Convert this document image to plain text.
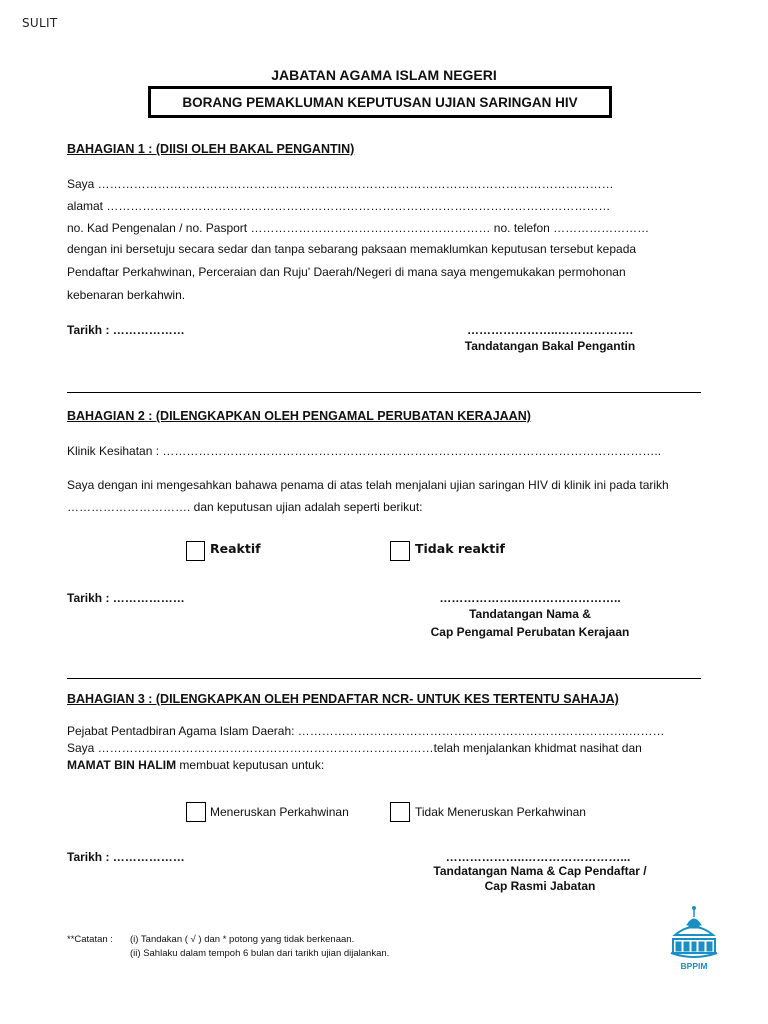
SULIT
JABATAN AGAMA ISLAM NEGERI
BORANG PEMAKLUMAN KEPUTUSAN UJIAN SARINGAN HIV
BAHAGIAN 1 : (DIISI OLEH BAKAL PENGANTIN)
Saya …………………………………………………………………………………………………………………
alamat ………………………………………………………………………………………………………………
no. Kad Pengenalan / no. Pasport …………………………………………………… no. telefon ……………………
dengan ini bersetuju secara sedar dan tanpa sebarang paksaan memaklumkan keputusan tersebut kepada
Pendaftar Perkahwinan, Perceraian dan Ruju' Daerah/Negeri di mana saya mengemukakan permohonan
kebenaran berkahwin.
Tarikh : ………………	…………………..……………….
Tandatangan Bakal Pengantin
BAHAGIAN 2 : (DILENGKAPKAN OLEH PENGAMAL PERUBATAN KERAJAAN)
Klinik Kesihatan : ……………………………………………………………………………………………………………..
Saya dengan ini mengesahkan bahawa penama di atas telah menjalani ujian saringan HIV di klinik ini pada tarikh
…………………………. dan keputusan ujian adalah seperti berikut:
Reaktif	Tidak reaktif
Tarikh : ………………	………………..……………………..
Tandatangan Nama &
Cap Pengamal Perubatan Kerajaan
BAHAGIAN 3 : (DILENGKAPKAN OLEH PENDAFTAR NCR- UNTUK KES TERTENTU SAHAJA)
Pejabat Pentadbiran Agama Islam Daerah: ………………………………………………………………………..………
Saya …………………………………………………………………………telah menjalankan khidmat nasihat dan
MAMAT BIN HALIM membuat keputusan untuk:
Meneruskan Perkahwinan	Tidak Meneruskan Perkahwinan
Tarikh : ………………	………………..……………………...
Tandatangan Nama & Cap Pendaftar /
Cap Rasmi Jabatan
**Catatan : (i) Tandakan ( √ ) dan * potong yang tidak berkenaan.
(ii) Sahlaku dalam tempoh 6 bulan dari tarikh ujian dijalankan.
BPPIM
